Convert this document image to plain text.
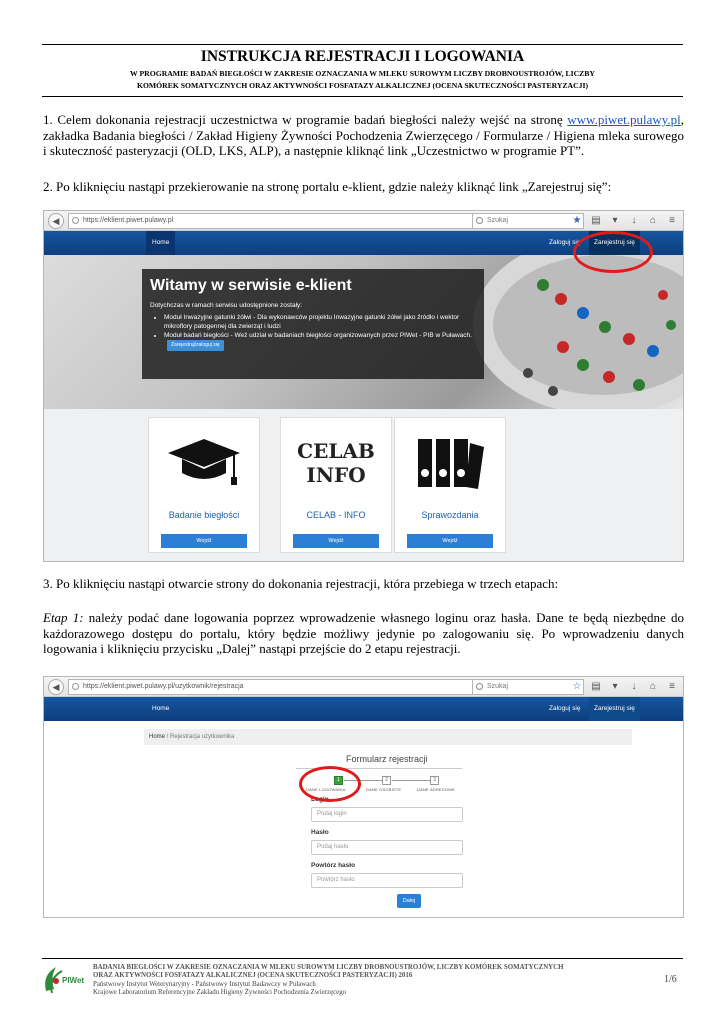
INSTRUKCJA REJESTRACJI I LOGOWANIA
W PROGRAMIE BADAŃ BIEGŁOŚCI W ZAKRESIE OZNACZANIA W MLEKU SUROWYM LICZBY DROBNOUSTROJÓW, LICZBY
KOMÓREK SOMATYCZNYCH ORAZ AKTYWNOŚCI FOSFATAZY ALKALICZNEJ (OCENA SKUTECZNOŚCI PASTERYZACJI)
1. Celem dokonania rejestracji uczestnictwa w programie badań biegłości należy wejść na stronę www.piwet.pulawy.pl, zakładka Badania biegłości / Zakład Higieny Żywności Pochodzenia Zwierzęcego / Formularze / Higiena mleka surowego i skuteczność pasteryzacji (OLD, LKS, ALP), a następnie kliknąć link „Uczestnictwo w programie PT”.
2. Po kliknięciu nastąpi przekierowanie na stronę portalu e-klient, gdzie należy kliknąć link „Zarejestruj się”:
◀	https://eklient.piwet.pulawy.pl	Szukaj	★ ▤	▾	↓	⌂	≡
Home	Zaloguj się	Zarejestruj się
Witamy w serwisie e-klient
Dotychczas w ramach serwisu udostępnione zostały:
• Moduł Inwazyjne gatunki żółwi - Dla wykonawców projektu Inwazyjne gatunki żółwi jako źródło i wektor mikroflory patogennej dla zwierząt i ludzi
• Moduł badań biegłości - Weź udział w badaniach biegłości organizowanych przez PIWet - PIB w Puławach.Zarejestruj/zaloguj się
Badanie biegłości
Wejdź
CELAB
INFO
CELAB - INFO
Wejdź
Sprawozdania
Wejdź
3. Po kliknięciu nastąpi otwarcie strony do dokonania rejestracji, która przebiega w trzech etapach:
Etap 1: należy podać dane logowania poprzez wprowadzenie własnego loginu oraz hasła. Dane te będą niezbędne do każdorazowego dostępu do portalu, który będzie możliwy jedynie po zalogowaniu się. Po wprowadzeniu danych logowania i kliknięciu przycisku „Dalej” nastąpi przejście do 2 etapu rejestracji.
◀	https://eklient.piwet.pulawy.pl/uzytkownik/rejestracja	Szukaj	☆ ▤	▾	↓	⌂	≡
Home	Zaloguj się	Zarejestruj się
Home / Rejestracja użytkownika
Formularz rejestracji
1	2	3
DANE LOGOWANIA	DANE OSOBISTE	DANE ADRESOWE
Login
Podaj login
Hasło
Podaj hasło
Powtórz hasło
Powtórz hasło
Dalej
PIWet
BADANIA BIEGŁOŚCI W ZAKRESIE OZNACZANIA W MLEKU SUROWYM LICZBY DROBNOUSTROJÓW, LICZBY KOMÓREK SOMATYCZNYCH
ORAZ AKTYWNOŚCI FOSFATAZY ALKALICZNEJ (OCENA SKUTECZNOŚCI PASTERYZACJI) 2016
Państwowy Instytut Weterynaryjny - Państwowy Instytut Badawczy w Puławach
Krajowe Laboratorium Referencyjne Zakładu Higieny Żywności Pochodzenia Zwierzęcego
1/6
